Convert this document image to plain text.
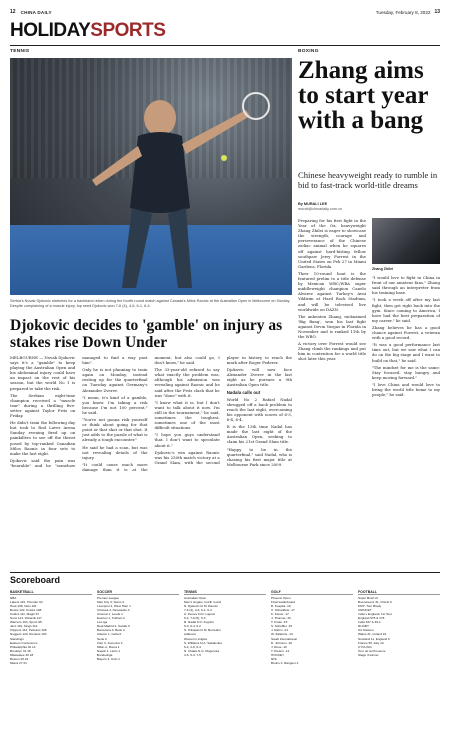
12 CHINA DAILY	Tuesday, February 8, 2022 13
HOLIDAYSPORTS
TENNIS	BOXING
Serbia's Novak Djokovic stretches for a backhand return during the fourth-round match against Canada's Milos Raonic at the Australian Open in Melbourne on Sunday. Despite complaining of a muscle injury, top seed Djokovic won 7-6 (4), 4-6, 6-1, 6-4.
Djokovic decides to 'gamble' on injury as stakes rise Down Under

MELBOURNE — Novak Djokovic says it's a "gamble" to keep playing the Australian Open and his abdominal injury could have an impact on the rest of his season, but the world No 1 is prepared to take the risk.

The Serbian eight-time champion received a "muscle tear" during a thrilling five-setter against Taylor Fritz on Friday.

He didn't train the following day but took to Rod Laver Arena Sunday evening fired up on painkillers to see off the threat posed by top-ranked Canadian Milos Raonic in four sets to make the last eight.

Djokovic said the pain was "bearable" and he "somehow managed to find a way past him".

Only he is not planning to train again on Monday, instead resting up for the quarterfinal on Tuesday against Germany's Alexander Zverev.

"I mean, it's kind of a gamble, you know. I'm taking a risk because I'm not 100 percent," he said.

"You're not gonna risk yourself or think about going for that point or that shot or that shot. It just adds to the puzzle of what is already a tough encounter."

He said he had a scan, but was not revealing details of the injury.

"It could cause much more damage than it is at the moment, but also could go, I don't know," he said.

The 33-year-old refused to say what exactly the problem was, although his admission was revealing against Raonic and he said after the Fritz clash that he was "done" with it.

"I know what it is, but I don't want to talk about it now. I'm still in the tournament," he said, sometimes the toughest, sometimes one of the most difficult situations.

"I hope you guys understand that. I don't want to speculate about it."

Djokovic's win against Raonic was his 250th match victory at a Grand Slam, with the second player in history to reach the mark after Roger Federer.

Djokovic will now face Alexander Zverev in the last eight as he pursues a 9th Australian Open title.

Nadala calls out

World No 2 Rafael Nadal shrugged off a back problem to reach the last eight, overcoming his opponent with scores of 6-3, 6-4, 6-4.

It is the 13th time Nadal has made the last eight of the Australian Open, seeking to claim his 21st Grand Slam title.

"Happy to be in the quarterfinal," said Nadal, who is chasing his first major title at Melbourne Park since 2009.

Zhang aims to start year with a bang
Chinese heavyweight ready to rumble in bid to fast-track world-title dreams
By MURALI LEE
murali@chinadaily.com.cn

Preparing for his first fight in the Year of the Ox, heavyweight Zhang Zhilei is eager to showcase the strength, courage and perseverance of the Chinese zodiac animal when he squares off against hard-hitting fellow southpaw Jerry Forrest in the United States on Feb 27 in Miami Gardens, Florida.

Their 10-round bout is the featured prelim to a title defense by Mexican WBC/WBA super middleweight champion Canelo Alvarez against Turkey's Avni Yildirim at Hard Rock Stadium, and will be televised live worldwide on DAZN.

The unbeaten Zhang, nicknamed 'Big Bang', won his last fight against Devin Vargas in Florida in November and is ranked 11th by the WBO.

A victory over Forrest would see Zhang climb the rankings and put him in contention for a world title shot later this year.

Zhang Zhilei

"I would love to fight in China in front of our amateur fans," Zhang said through an interpreter from his training base.

"I took a week off after my last fight, then got right back into the gym. Since coming to America, I have had the best preparation of my career," he said.

Zhang believes he has a good chance against Forrest, a veteran with a good record.

"It was a good performance last time out, but we saw what I can do on the big stage and I want to build on that," he said.

"The mindset for me is the same: Stay focused, stay hungry and keep moving forward."

"I love China and would love to bring the world title home to my people," he said.

Scoreboard
BASKETBALL
NBA
Lakers 115, Thunder 94
Heat 108, Nets 101
Bucks 122, Knicks 108
Celtics 111, Magic 97
Suns 121, Wizards 117
Warriors 104, Spurs 95
Jazz 119, Kings 112
Clippers 113, Pelicans 106
Nuggets 120, Rockets 103
Standings
Eastern Conference
Philadelphia 32 14
Brooklyn 31 16
Milwaukee 30 18
Boston 26 22
Miami 27 21
SOCCER
Premier League
Man City 3, Spurs 0
Liverpool 4, West Ham 1
Chelsea 2, Newcastle 0
Arsenal 1, Leeds 1
Everton 1, Fulham 2
La Liga
Real Madrid 2, Getafe 0
Barcelona 3, Betis 2
Atletico 1, Celta 0
Serie A
Inter 3, Juventus 2
Milan 2, Roma 1
Napoli 1, Lazio 1
Bundesliga
Bayern 4, Koln 1
TENNIS
Australian Open
Men's singles, fourth round
N. Djokovic bt M. Raonic
7-6 (4), 4-6, 6-1, 6-4
A. Zverev bt D. Lajovic
6-4, 7-6 (5), 6-3
R. Nadal bt F. Fognini
6-3, 6-4, 6-2
S. Tsitsipas bt M. Berrettini
walkover
Women's singles
S. Williams bt A. Sabalenka
6-4, 2-6, 6-4
N. Osaka bt G. Muguruza
4-6, 6-4, 7-5
GOLF
Phoenix Open
Final leaderboard
B. Koepka -19
X. Schauffele -17
K. Kisner -17
J. Thomas -16
T. Finau -15
S. Scheffler -15
J. Rahm -14
W. Zalatoris -13
Saudi International
D. Johnson -18
J. Rose -16
T. Pieters -14
HOCKEY
NHL
Bruins 3, Rangers 2
FOOTBALL
Super Bowl LV
Buccaneers 31, Chiefs 9
MVP: Tom Brady
CRICKET
India v England, 1st Test
England 578 & 178
India 337 & 39-1
RUGBY
Six Nations
Wales 21, Ireland 16
Scotland 11, England 6
France 50, Italy 10
CYCLING
Tour de la Provence
Stage 4 winner
